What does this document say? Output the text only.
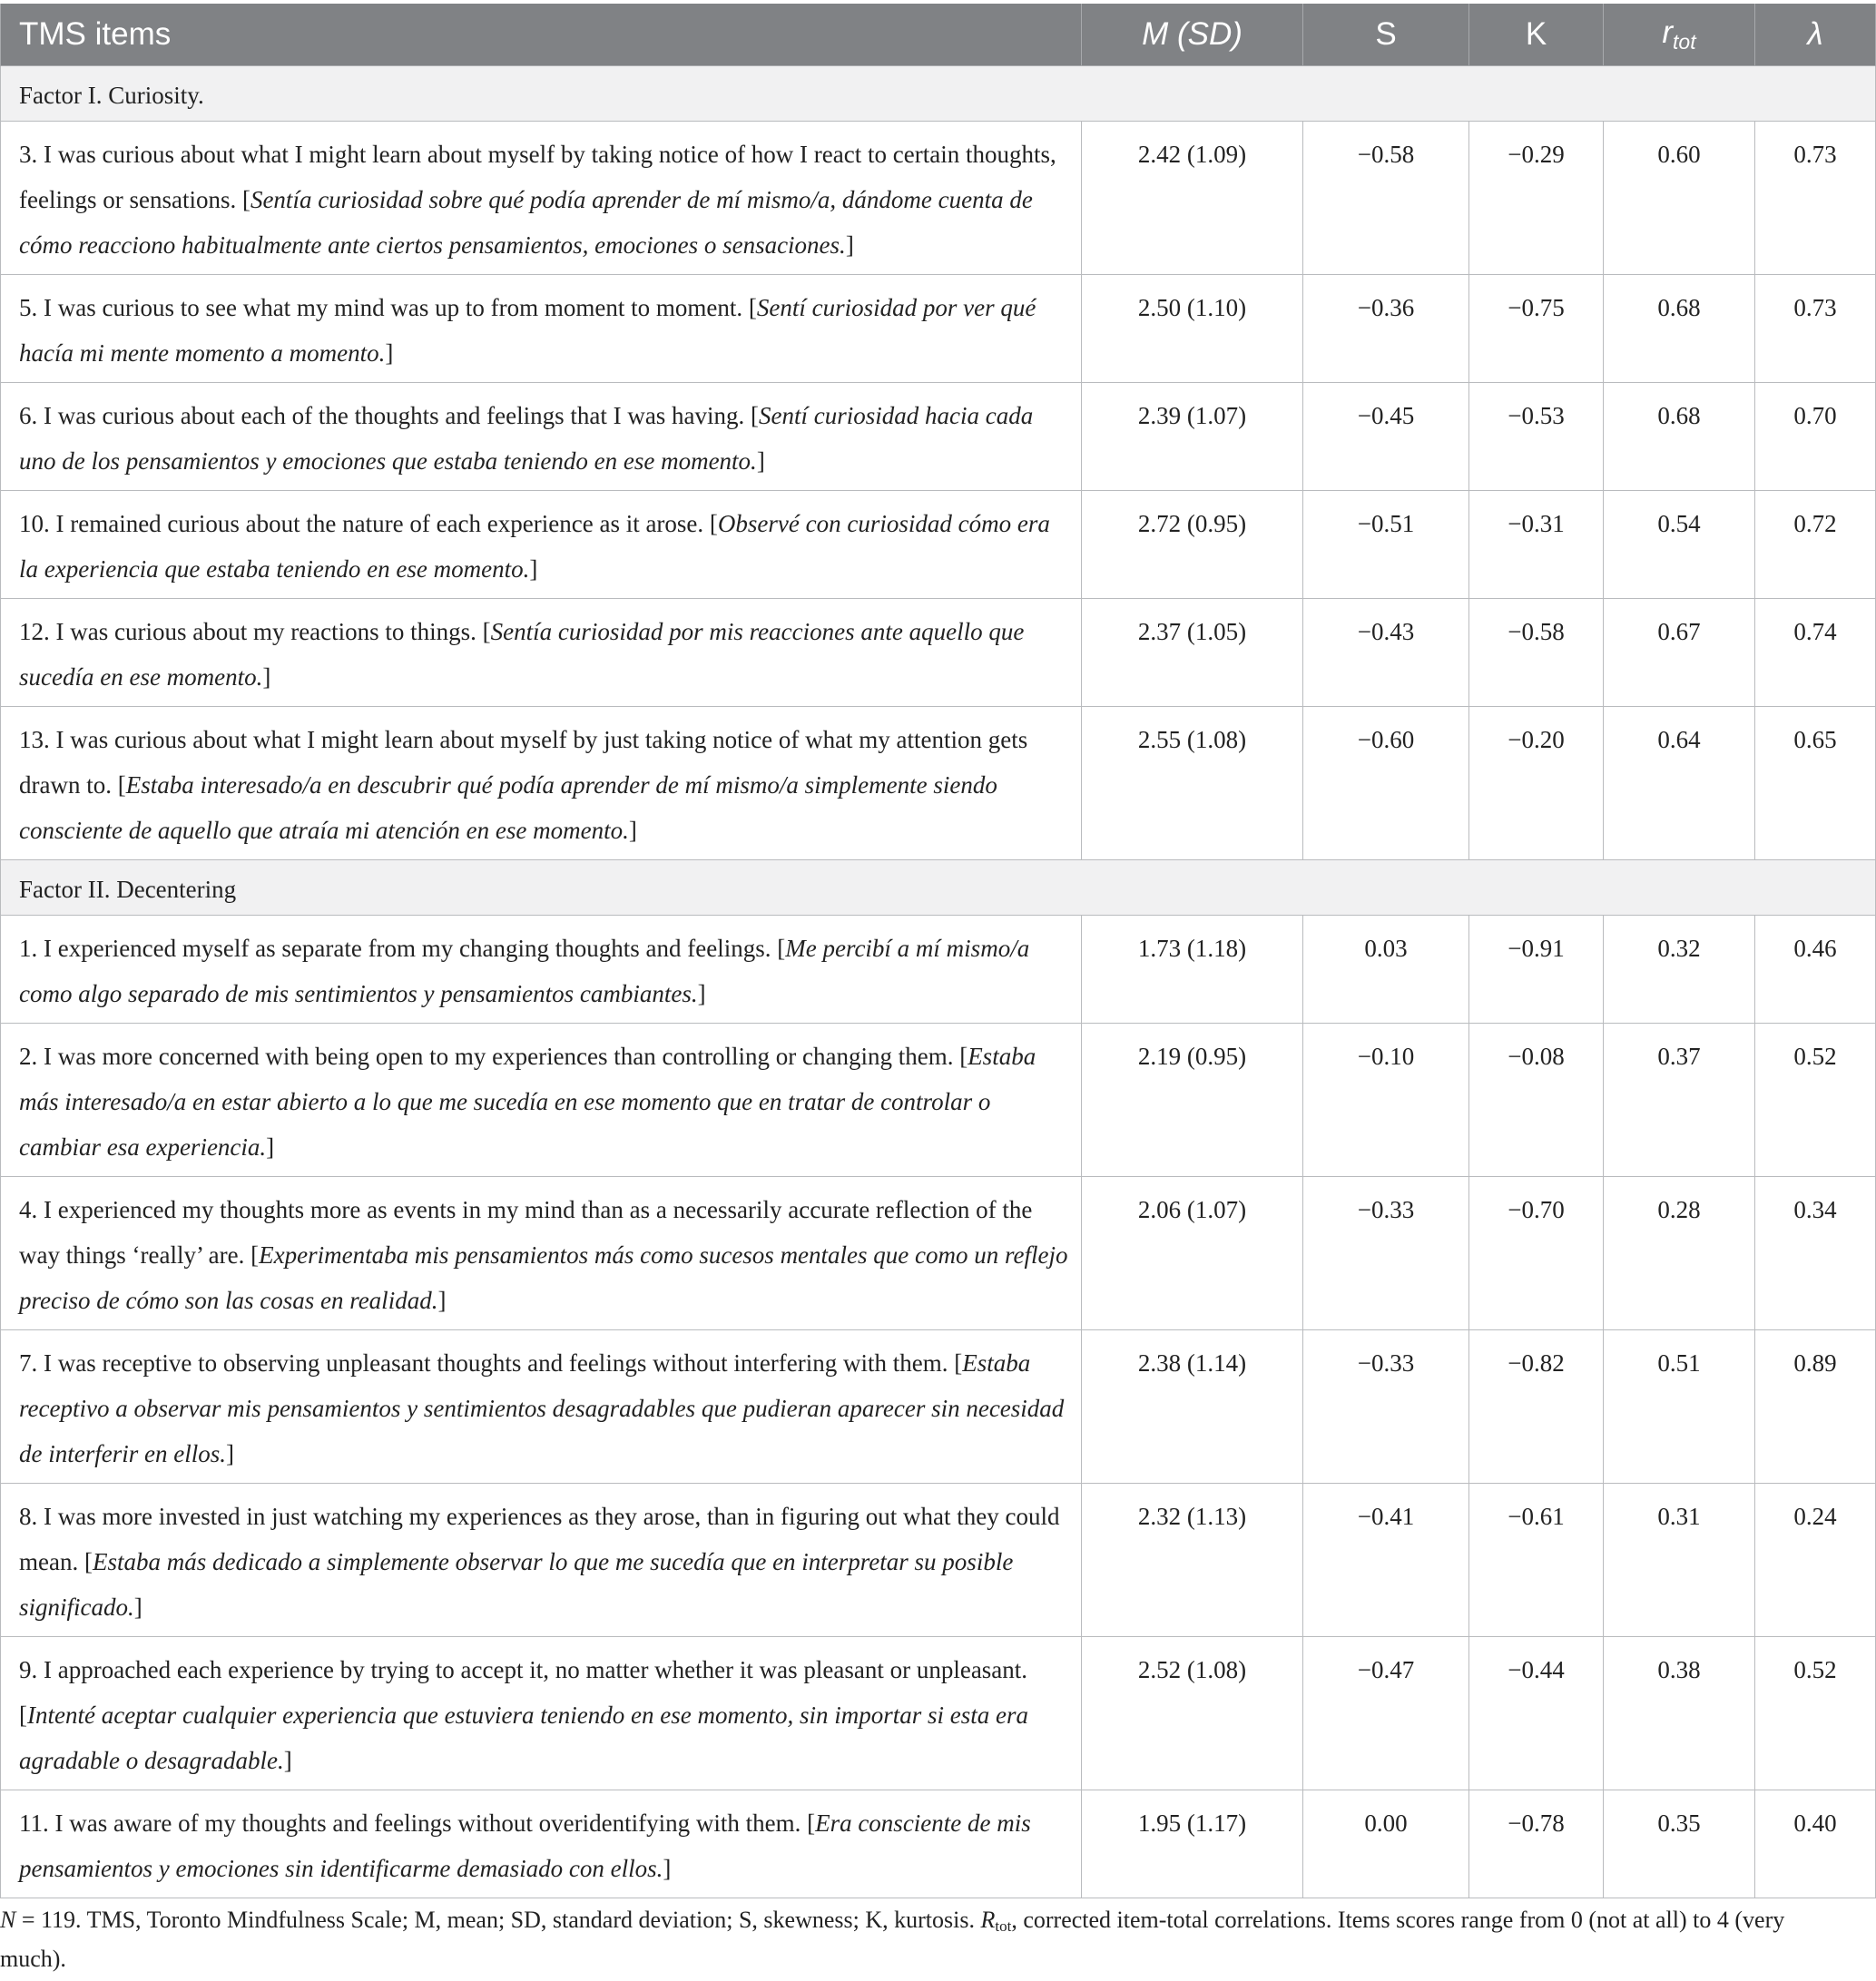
TMS items	M (SD)	S	K	$r_{tot}$	λ
Factor I. Curiosity.					
3. I was curious about what I might learn about myself by taking notice of how I react to certain thoughts, feelings or sensations. [Sentía curiosidad sobre qué podía aprender de mí mismo/a, dándome cuenta de cómo reacciono habitualmente ante ciertos pensamientos, emociones o sensaciones.]	2.42 (1.09)	−0.58	−0.29	0.60	0.73
5. I was curious to see what my mind was up to from moment to moment. [Sentí curiosidad por ver qué hacía mi mente momento a momento.]	2.50 (1.10)	−0.36	−0.75	0.68	0.73
6. I was curious about each of the thoughts and feelings that I was having. [Sentí curiosidad hacia cada uno de los pensamientos y emociones que estaba teniendo en ese momento.]	2.39 (1.07)	−0.45	−0.53	0.68	0.70
10. I remained curious about the nature of each experience as it arose. [Observé con curiosidad cómo era la experiencia que estaba teniendo en ese momento.]	2.72 (0.95)	−0.51	−0.31	0.54	0.72
12. I was curious about my reactions to things. [Sentía curiosidad por mis reacciones ante aquello que sucedía en ese momento.]	2.37 (1.05)	−0.43	−0.58	0.67	0.74
13. I was curious about what I might learn about myself by just taking notice of what my attention gets drawn to. [Estaba interesado/a en descubrir qué podía aprender de mí mismo/a simplemente siendo consciente de aquello que atraía mi atención en ese momento.]	2.55 (1.08)	−0.60	−0.20	0.64	0.65
Factor II. Decentering					
1. I experienced myself as separate from my changing thoughts and feelings. [Me percibí a mí mismo/a como algo separado de mis sentimientos y pensamientos cambiantes.]	1.73 (1.18)	0.03	−0.91	0.32	0.46
2. I was more concerned with being open to my experiences than controlling or changing them. [Estaba más interesado/a en estar abierto a lo que me sucedía en ese momento que en tratar de controlar o cambiar esa experiencia.]	2.19 (0.95)	−0.10	−0.08	0.37	0.52
4. I experienced my thoughts more as events in my mind than as a necessarily accurate reflection of the way things ‘really’ are. [Experimentaba mis pensamientos más como sucesos mentales que como un reflejo preciso de cómo son las cosas en realidad.]	2.06 (1.07)	−0.33	−0.70	0.28	0.34
7. I was receptive to observing unpleasant thoughts and feelings without interfering with them. [Estaba receptivo a observar mis pensamientos y sentimientos desagradables que pudieran aparecer sin necesidad de interferir en ellos.]	2.38 (1.14)	−0.33	−0.82	0.51	0.89
8. I was more invested in just watching my experiences as they arose, than in figuring out what they could mean. [Estaba más dedicado a simplemente observar lo que me sucedía que en interpretar su posible significado.]	2.32 (1.13)	−0.41	−0.61	0.31	0.24
9. I approached each experience by trying to accept it, no matter whether it was pleasant or unpleasant. [Intenté aceptar cualquier experiencia que estuviera teniendo en ese momento, sin importar si esta era agradable o desagradable.]	2.52 (1.08)	−0.47	−0.44	0.38	0.52
11. I was aware of my thoughts and feelings without overidentifying with them. [Era consciente de mis pensamientos y emociones sin identificarme demasiado con ellos.]	1.95 (1.17)	0.00	−0.78	0.35	0.40
N = 119. TMS, Toronto Mindfulness Scale; M, mean; SD, standard deviation; S, skewness; K, kurtosis. $R_{tot}$, corrected item-total correlations. Items scores range from 0 (not at all) to 4 (very much).
